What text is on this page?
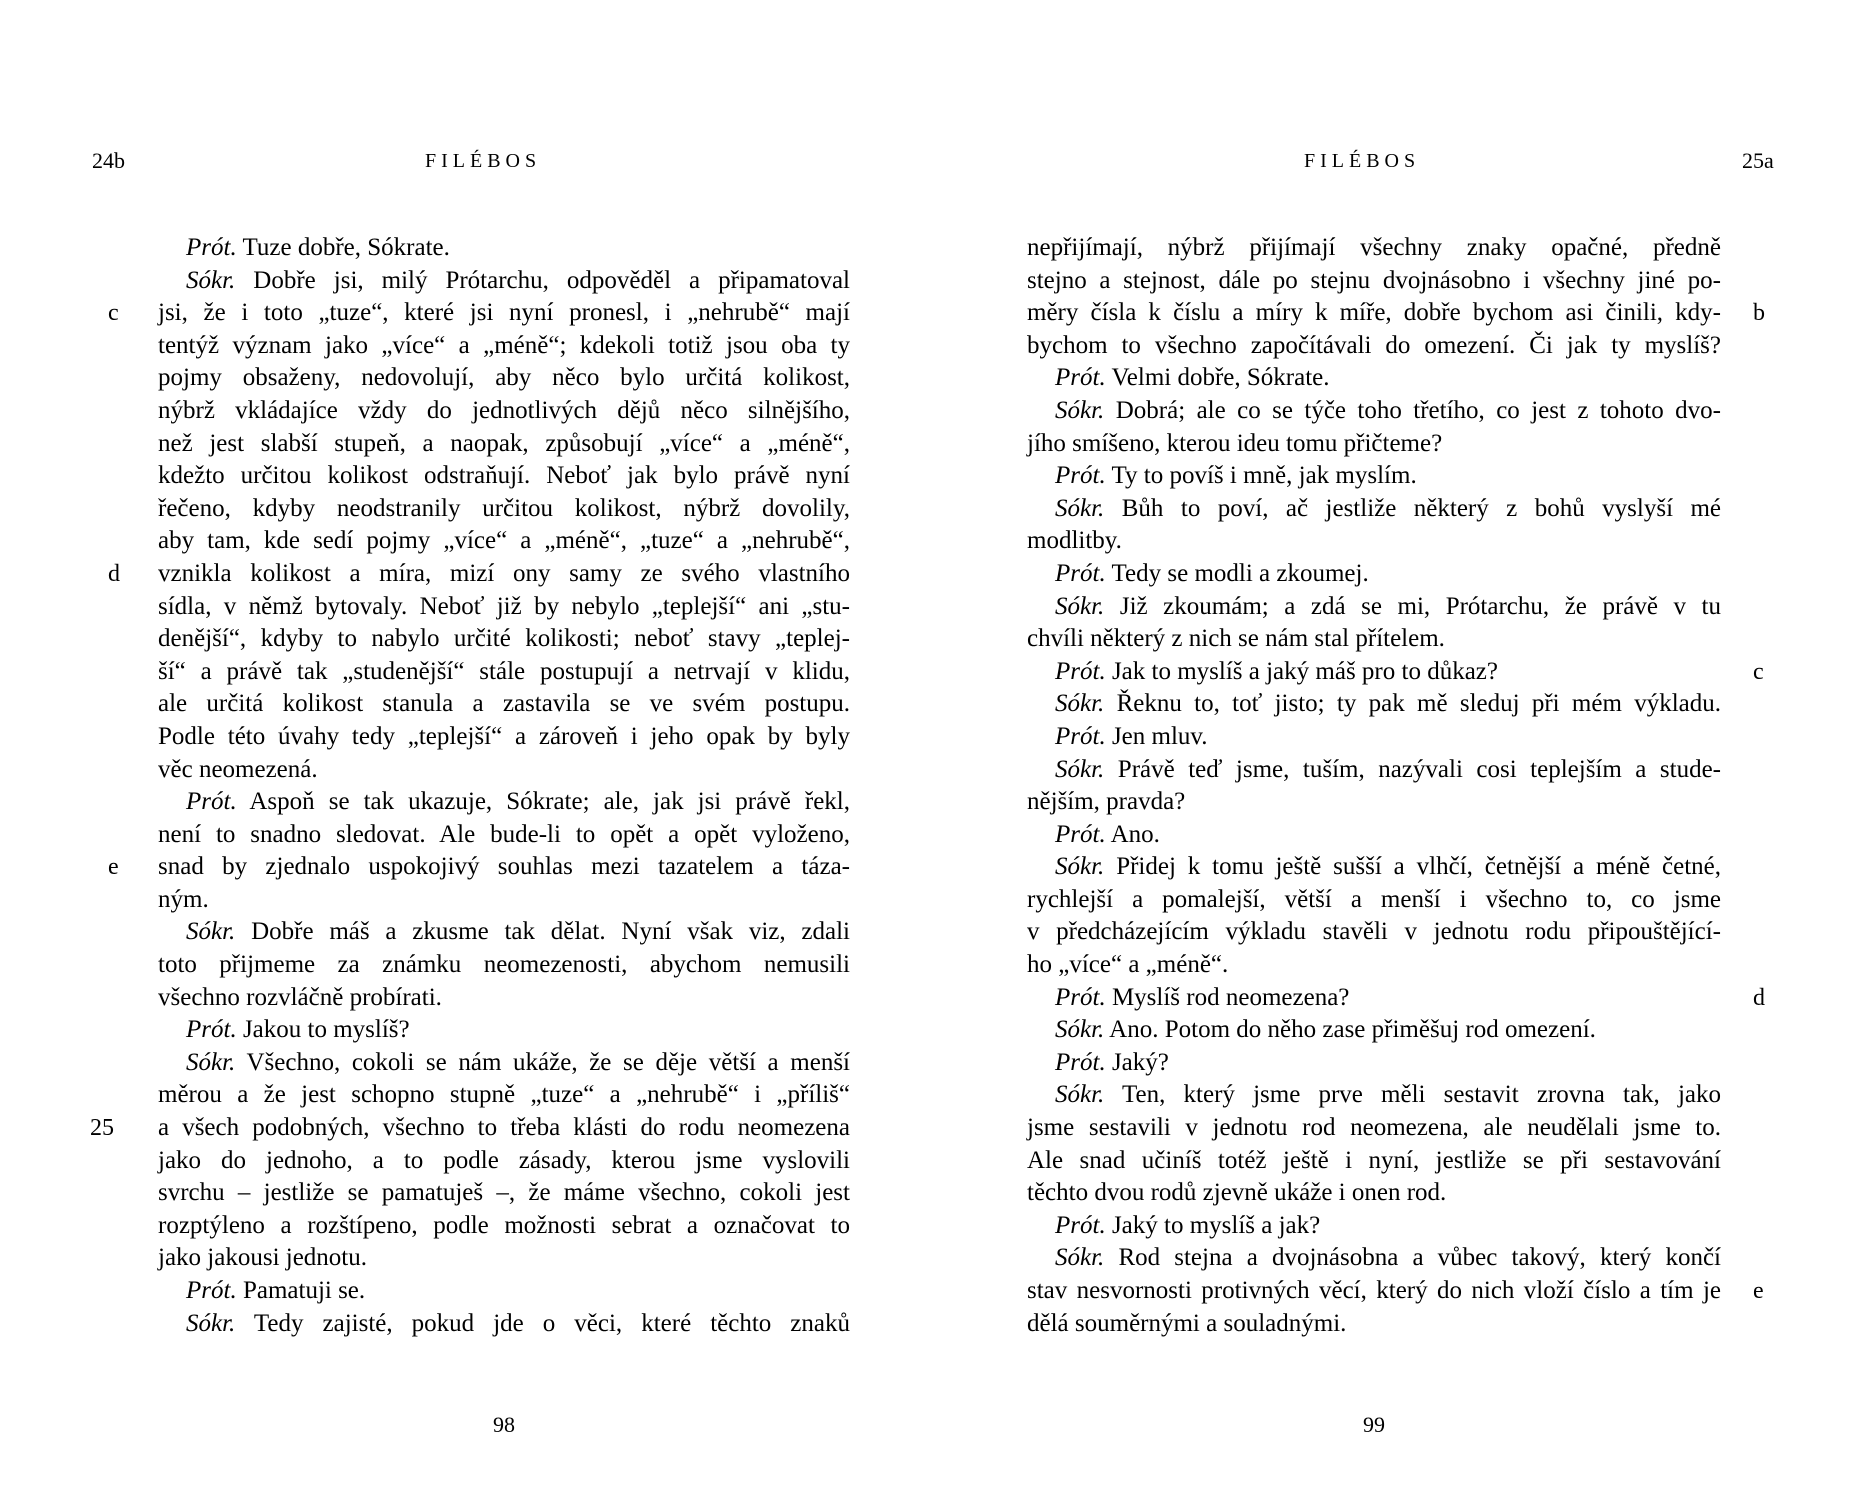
24b	FILÉBOS
Prót. Tuze dobře, Sókrate.
Sókr. Dobře jsi, milý Prótarchu, odpověděl a připamatoval
c jsi, že i toto „tuze“, které jsi nyní pronesl, i „nehrubě“ mají
tentýž význam jako „více“ a „méně“; kdekoli totiž jsou oba ty
pojmy obsaženy, nedovolují, aby něco bylo určitá kolikost,
nýbrž vkládajíce vždy do jednotlivých dějů něco silnějšího,
než jest slabší stupeň, a naopak, způsobují „více“ a „méně“,
kdežto určitou kolikost odstraňují. Neboť jak bylo právě nyní
řečeno, kdyby neodstranily určitou kolikost, nýbrž dovolily,
aby tam, kde sedí pojmy „více“ a „méně“, „tuze“ a „nehrubě“,
d vznikla kolikost a míra, mizí ony samy ze svého vlastního
sídla, v němž bytovaly. Neboť již by nebylo „teplejší“ ani „stu-
denější“, kdyby to nabylo určité kolikosti; neboť stavy „teplej-
ší“ a právě tak „studenější“ stále postupují a netrvají v klidu,
ale určitá kolikost stanula a zastavila se ve svém postupu.
Podle této úvahy tedy „teplejší“ a zároveň i jeho opak by byly
věc neomezená.
Prót. Aspoň se tak ukazuje, Sókrate; ale, jak jsi právě řekl,
není to snadno sledovat. Ale bude-li to opět a opět vyloženo,
e snad by zjednalo uspokojivý souhlas mezi tazatelem a táza-
ným.
Sókr. Dobře máš a zkusme tak dělat. Nyní však viz, zdali
toto přijmeme za známku neomezenosti, abychom nemusili
všechno rozvláčně probírati.
Prót. Jakou to myslíš?
Sókr. Všechno, cokoli se nám ukáže, že se děje větší a menší
měrou a že jest schopno stupně „tuze“ a „nehrubě“ i „příliš“
25 a všech podobných, všechno to třeba klásti do rodu neomezena
jako do jednoho, a to podle zásady, kterou jsme vyslovili
svrchu – jestliže se pamatuješ –, že máme všechno, cokoli jest
rozptýleno a rozštípeno, podle možnosti sebrat a označovat to
jako jakousi jednotu.
Prót. Pamatuji se.
Sókr. Tedy zajisté, pokud jde o věci, které těchto znaků
98
FILÉBOS	25a
nepřijímají, nýbrž přijímají všechny znaky opačné, předně
stejno a stejnost, dále po stejnu dvojnásobno i všechny jiné po-
b
měry čísla k číslu a míry k míře, dobře bychom asi činili, kdy-
bychom to všechno započítávali do omezení. Či jak ty myslíš?
Prót. Velmi dobře, Sókrate.
Sókr. Dobrá; ale co se týče toho třetího, co jest z tohoto dvo-
jího smíšeno, kterou ideu tomu přičteme?
Prót. Ty to povíš i mně, jak myslím.
Sókr. Bůh to poví, ač jestliže některý z bohů vyslyší mé
modlitby.
Prót. Tedy se modli a zkoumej.
Sókr. Již zkoumám; a zdá se mi, Prótarchu, že právě v tu
chvíli některý z nich se nám stal přítelem.
c
Prót. Jak to myslíš a jaký máš pro to důkaz?
Sókr. Řeknu to, toť jisto; ty pak mě sleduj při mém výkladu.
Prót. Jen mluv.
Sókr. Právě teď jsme, tuším, nazývali cosi teplejším a stude-
nějším, pravda?
Prót. Ano.
Sókr. Přidej k tomu ještě sušší a vlhčí, četnější a méně četné,
rychlejší a pomalejší, větší a menší i všechno to, co jsme
v předcházejícím výkladu stavěli v jednotu rodu připouštějící-
ho „více“ a „méně“.
d
Prót. Myslíš rod neomezena?
Sókr. Ano. Potom do něho zase přiměšuj rod omezení.
Prót. Jaký?
Sókr. Ten, který jsme prve měli sestavit zrovna tak, jako
jsme sestavili v jednotu rod neomezena, ale neudělali jsme to.
Ale snad učiníš totéž ještě i nyní, jestliže se při sestavování
těchto dvou rodů zjevně ukáže i onen rod.
Prót. Jaký to myslíš a jak?
Sókr. Rod stejna a dvojnásobna a vůbec takový, který končí
e
stav nesvornosti protivných věcí, který do nich vloží číslo a tím je
dělá souměrnými a souladnými.
99
